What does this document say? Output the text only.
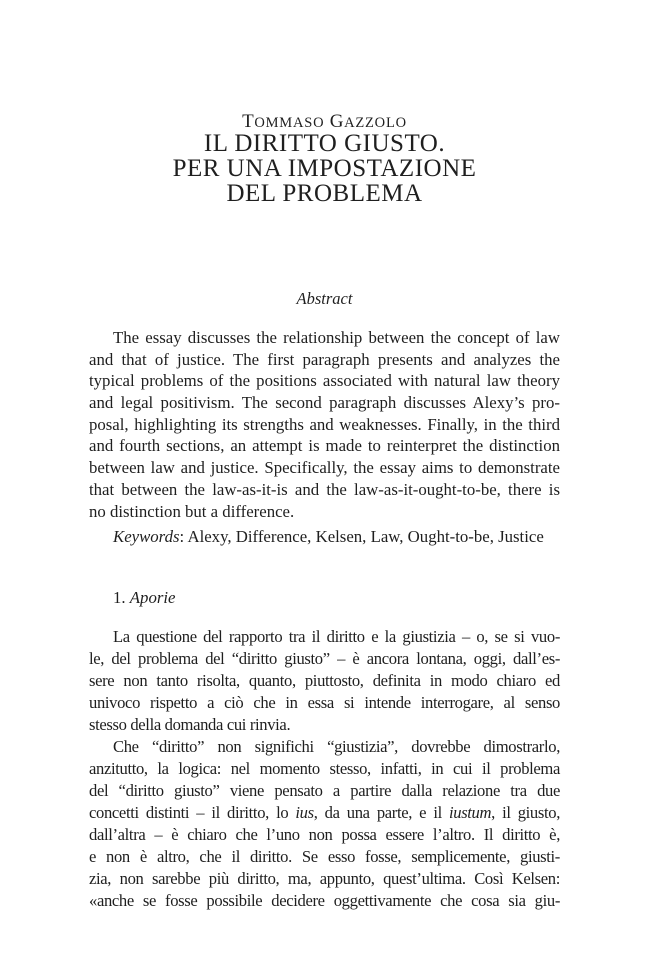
TOMMASO GAZZOLO
IL DIRITTO GIUSTO.
PER UNA IMPOSTAZIONE
DEL PROBLEMA
Abstract
The essay discusses the relationship between the concept of law
and that of justice. The first paragraph presents and analyzes the
typical problems of the positions associated with natural law theory
and legal positivism. The second paragraph discusses Alexy’s pro-
posal, highlighting its strengths and weaknesses. Finally, in the third
and fourth sections, an attempt is made to reinterpret the distinction
between law and justice. Specifically, the essay aims to demonstrate
that between the law-as-it-is and the law-as-it-ought-to-be, there is
no distinction but a difference.
Keywords: Alexy, Difference, Kelsen, Law, Ought-to-be, Justice
1. Aporie
La questione del rapporto tra il diritto e la giustizia – o, se si vuo-
le, del problema del “diritto giusto” – è ancora lontana, oggi, dall’es-
sere non tanto risolta, quanto, piuttosto, definita in modo chiaro ed
univoco rispetto a ciò che in essa si intende interrogare, al senso
stesso della domanda cui rinvia.
Che “diritto” non significhi “giustizia”, dovrebbe dimostrarlo,
anzitutto, la logica: nel momento stesso, infatti, in cui il problema
del “diritto giusto” viene pensato a partire dalla relazione tra due
concetti distinti – il diritto, lo ius, da una parte, e il iustum, il giusto,
dall’altra – è chiaro che l’uno non possa essere l’altro. Il diritto è,
e non è altro, che il diritto. Se esso fosse, semplicemente, giusti-
zia, non sarebbe più diritto, ma, appunto, quest’ultima. Così Kelsen:
«anche se fosse possibile decidere oggettivamente che cosa sia giu-
